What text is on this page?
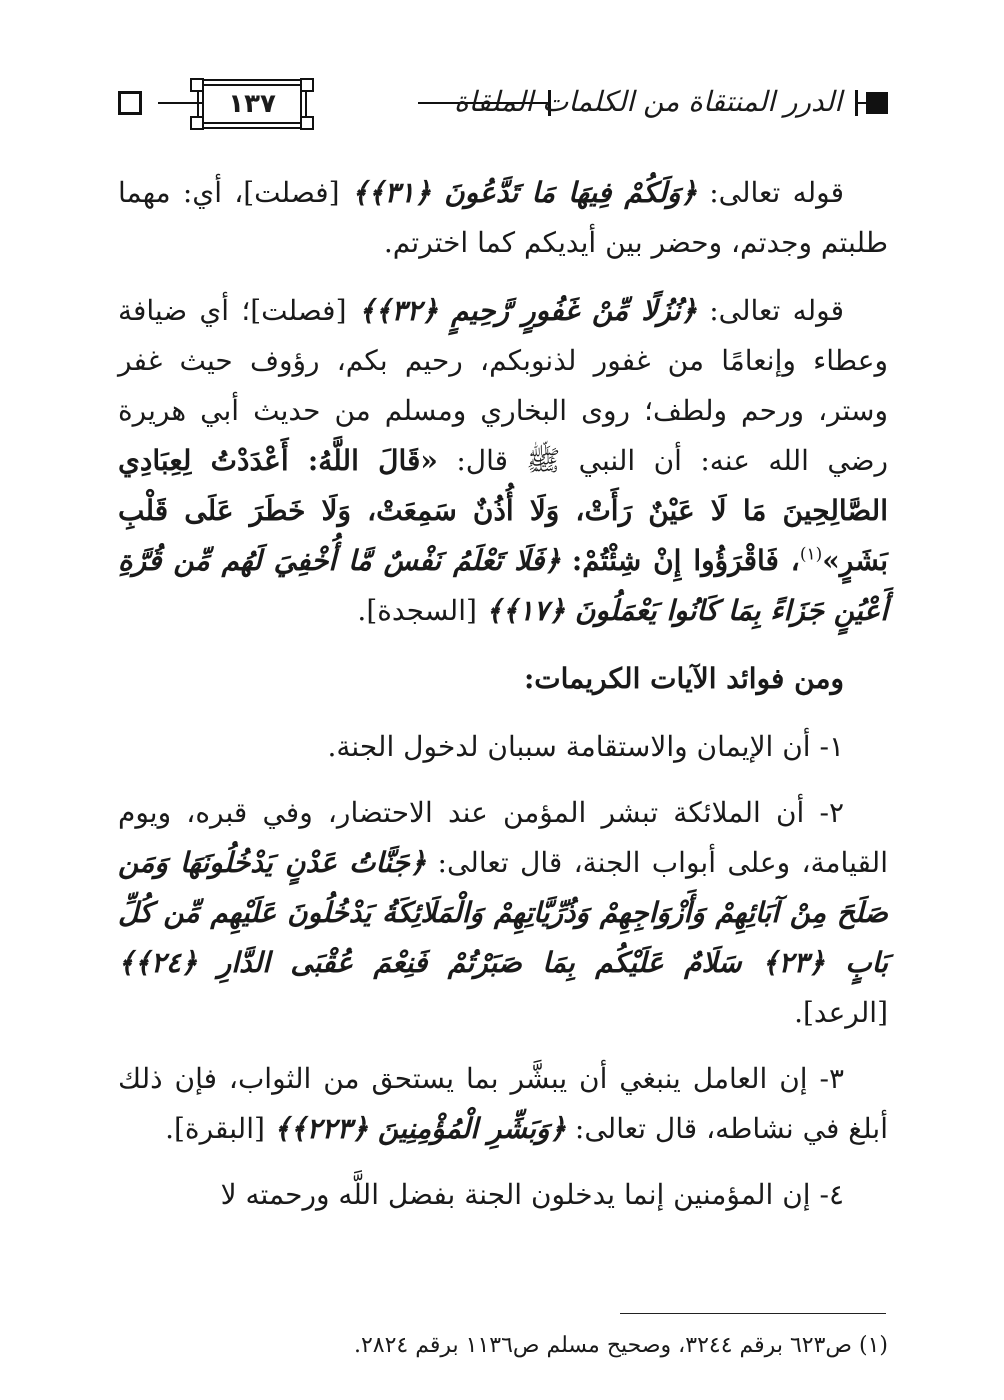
١٣٧	الدرر المنتقاة من الكلمات الملقاة

قوله تعالى: ﴿وَلَكُمْ فِيهَا مَا تَدَّعُونَ ﴿٣١﴾﴾ [فصلت]، أي: مهما طلبتم وجدتم، وحضر بين أيديكم كما اخترتم.

قوله تعالى: ﴿نُزُلًا مِّنْ غَفُورٍ رَّحِيمٍ ﴿٣٢﴾﴾ [فصلت]؛ أي ضيافة وعطاء وإنعامًا من غفور لذنوبكم، رحيم بكم، رؤوف حيث غفر وستر، ورحم ولطف؛ روى البخاري ومسلم من حديث أبي هريرة رضي الله عنه: أن النبي ﷺ قال: «قَالَ اللَّهُ: أَعْدَدْتُ لِعِبَادِي الصَّالِحِينَ مَا لَا عَيْنٌ رَأَتْ، وَلَا أُذُنٌ سَمِعَتْ، وَلَا خَطَرَ عَلَى قَلْبِ بَشَرٍ»$^{(١)}$، فَاقْرَؤُوا إِنْ شِئْتُمْ: ﴿فَلَا تَعْلَمُ نَفْسٌ مَّا أُخْفِيَ لَهُم مِّن قُرَّةِ أَعْيُنٍ جَزَاءً بِمَا كَانُوا يَعْمَلُونَ ﴿١٧﴾﴾ [السجدة].

ومن فوائد الآيات الكريمات:

١- أن الإيمان والاستقامة سببان لدخول الجنة.

٢- أن الملائكة تبشر المؤمن عند الاحتضار، وفي قبره، ويوم القيامة، وعلى أبواب الجنة، قال تعالى: ﴿جَنَّاتُ عَدْنٍ يَدْخُلُونَهَا وَمَن صَلَحَ مِنْ آبَائِهِمْ وَأَزْوَاجِهِمْ وَذُرِّيَّاتِهِمْ وَالْمَلَائِكَةُ يَدْخُلُونَ عَلَيْهِم مِّن كُلِّ بَابٍ ﴿٢٣﴾ سَلَامٌ عَلَيْكُم بِمَا صَبَرْتُمْ فَنِعْمَ عُقْبَى الدَّارِ ﴿٢٤﴾﴾ [الرعد].

٣- إن العامل ينبغي أن يبشَّر بما يستحق من الثواب، فإن ذلك أبلغ في نشاطه، قال تعالى: ﴿وَبَشِّرِ الْمُؤْمِنِينَ ﴿٢٢٣﴾﴾ [البقرة].

٤- إن المؤمنين إنما يدخلون الجنة بفضل اللَّه ورحمته لا

(١) ص٦٢٣ برقم ٣٢٤٤، وصحيح مسلم ص١١٣٦ برقم ٢٨٢٤.
